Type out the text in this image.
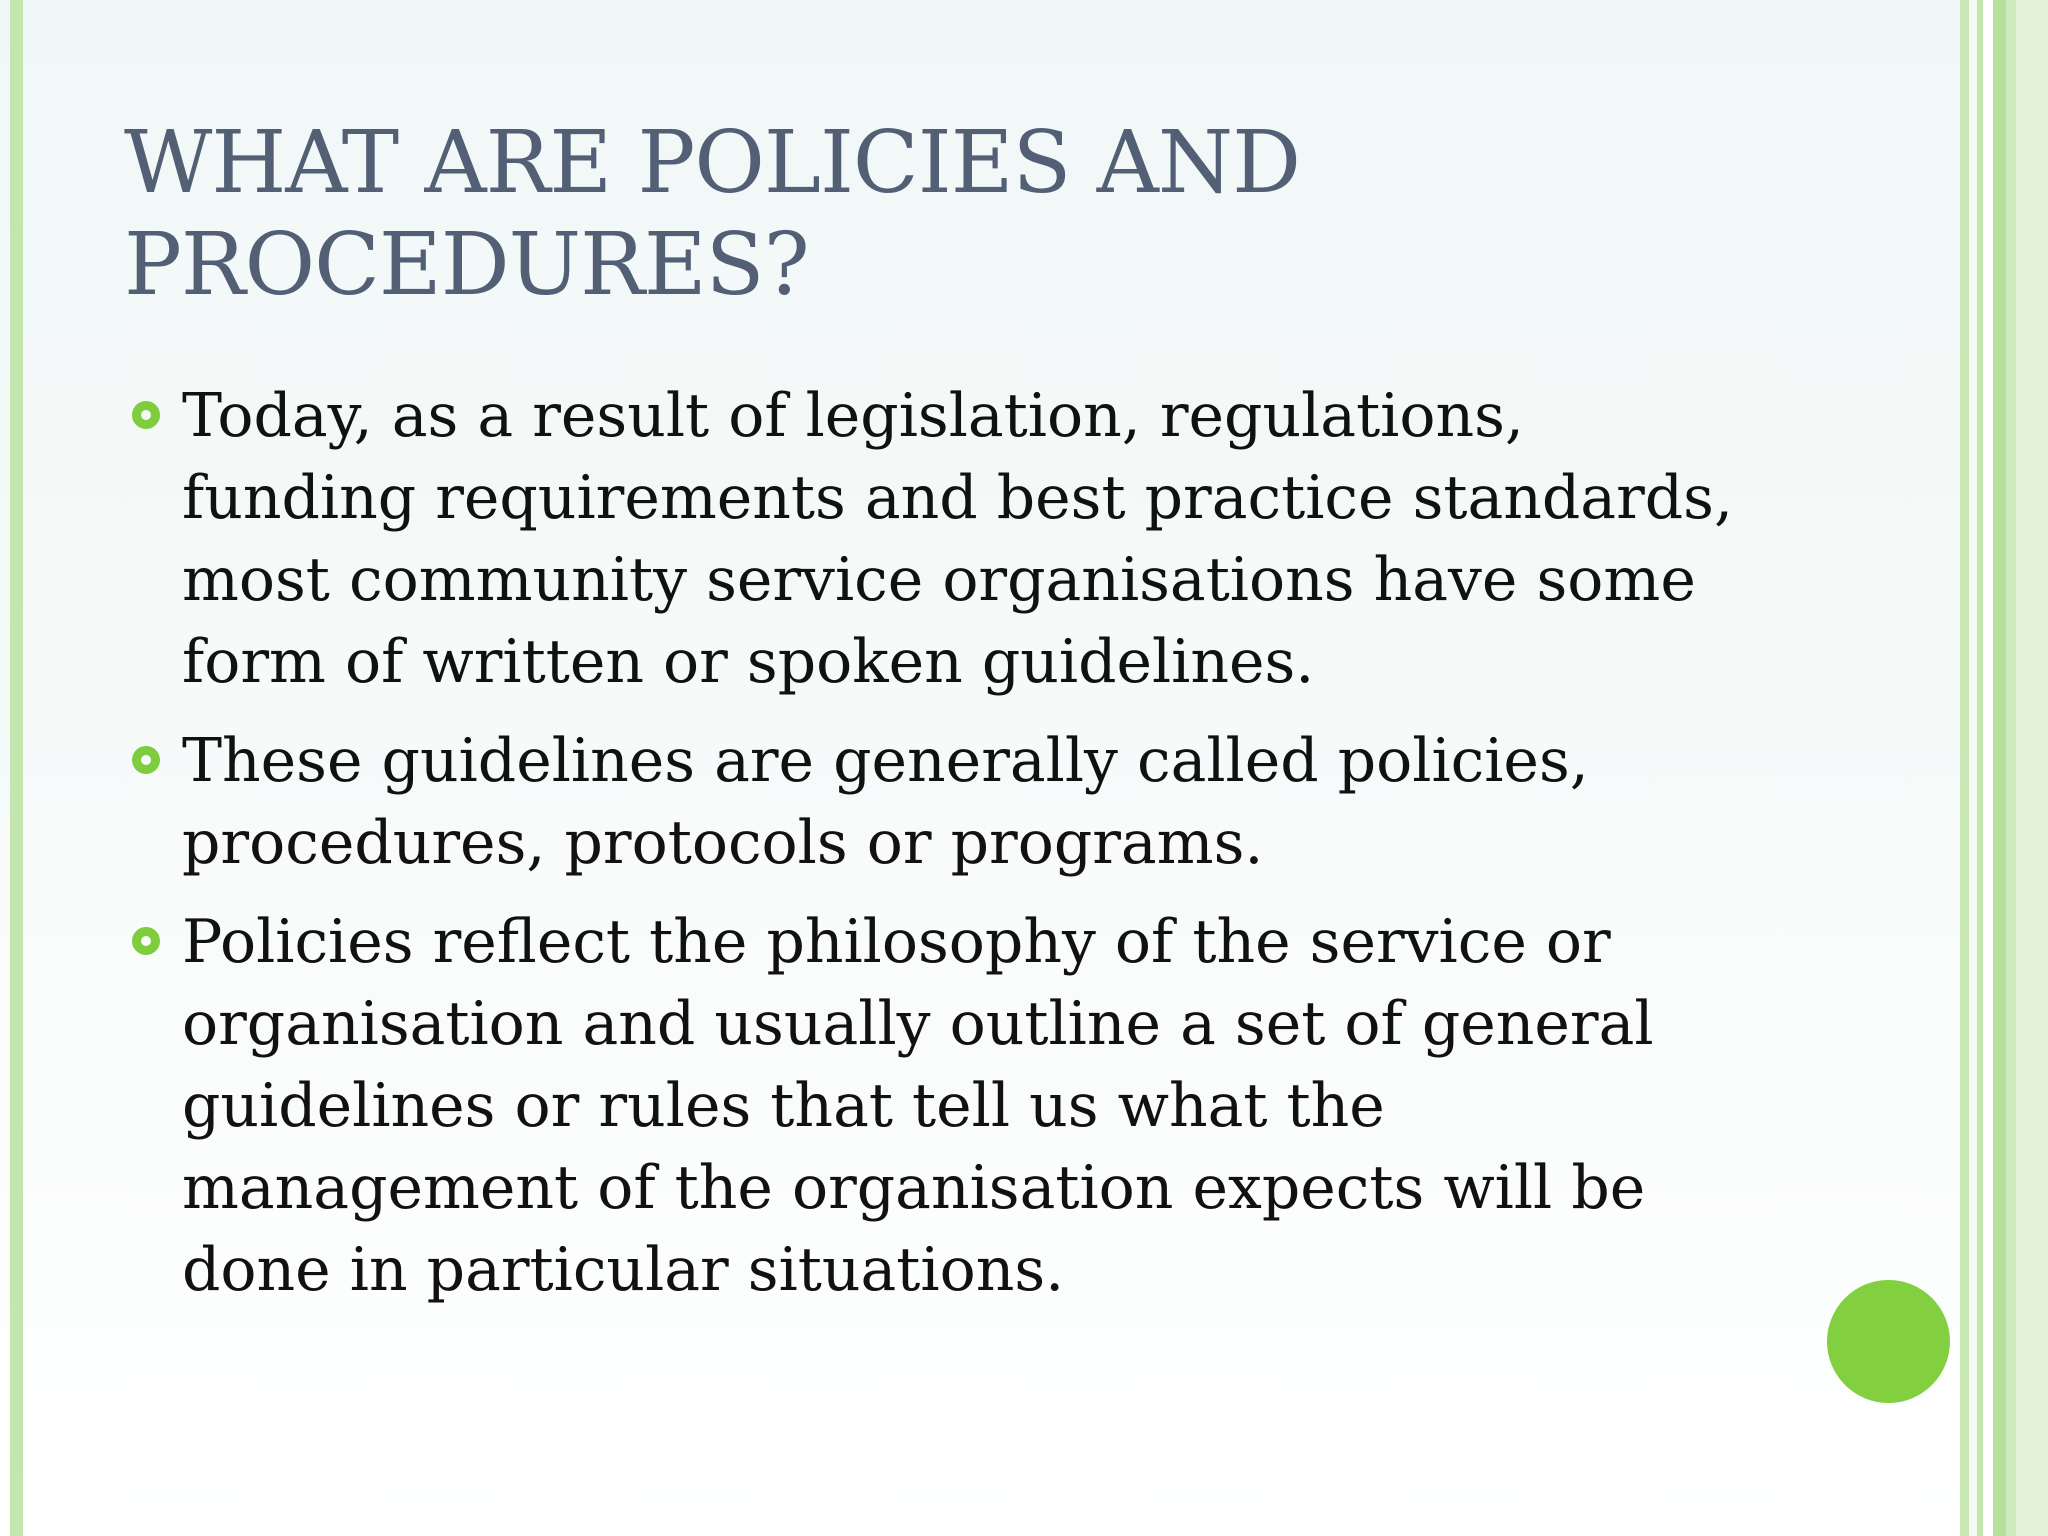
WHAT ARE POLICIES AND
PROCEDURES?
Today, as a result of legislation, regulations, funding requirements and best practice standards, most community service organisations have some form of written or spoken guidelines.
These guidelines are generally called policies, procedures, protocols or programs.
Policies reflect the philosophy of the service or organisation and usually outline a set of general guidelines or rules that tell us what the management of the organisation expects will be done in particular situations.
